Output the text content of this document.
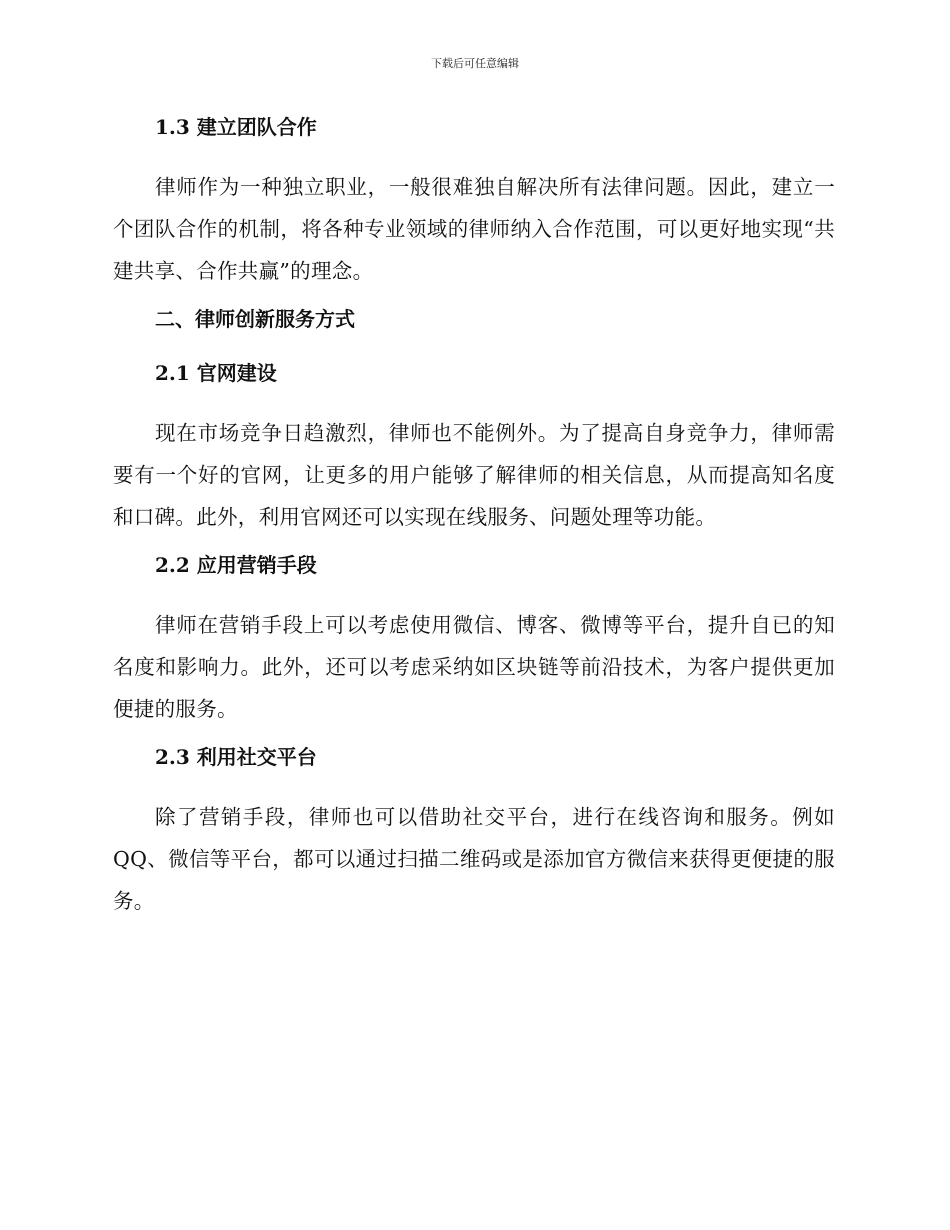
下载后可任意编辑
1.3 建立团队合作

律师作为一种独立职业，一般很难独自解决所有法律问题。因此，建立一个团队合作的机制，将各种专业领域的律师纳入合作范围，可以更好地实现“共建共享、合作共赢”的理念。

二、律师创新服务方式
2.1 官网建设

现在市场竞争日趋激烈，律师也不能例外。为了提高自身竞争力，律师需要有一个好的官网，让更多的用户能够了解律师的相关信息，从而提高知名度和口碑。此外，利用官网还可以实现在线服务、问题处理等功能。

2.2 应用营销手段

律师在营销手段上可以考虑使用微信、博客、微博等平台，提升自已的知名度和影响力。此外，还可以考虑采纳如区块链等前沿技术，为客户提供更加便捷的服务。

2.3 利用社交平台

除了营销手段，律师也可以借助社交平台，进行在线咨询和服务。例如QQ、微信等平台，都可以通过扫描二维码或是添加官方微信来获得更便捷的服务。
